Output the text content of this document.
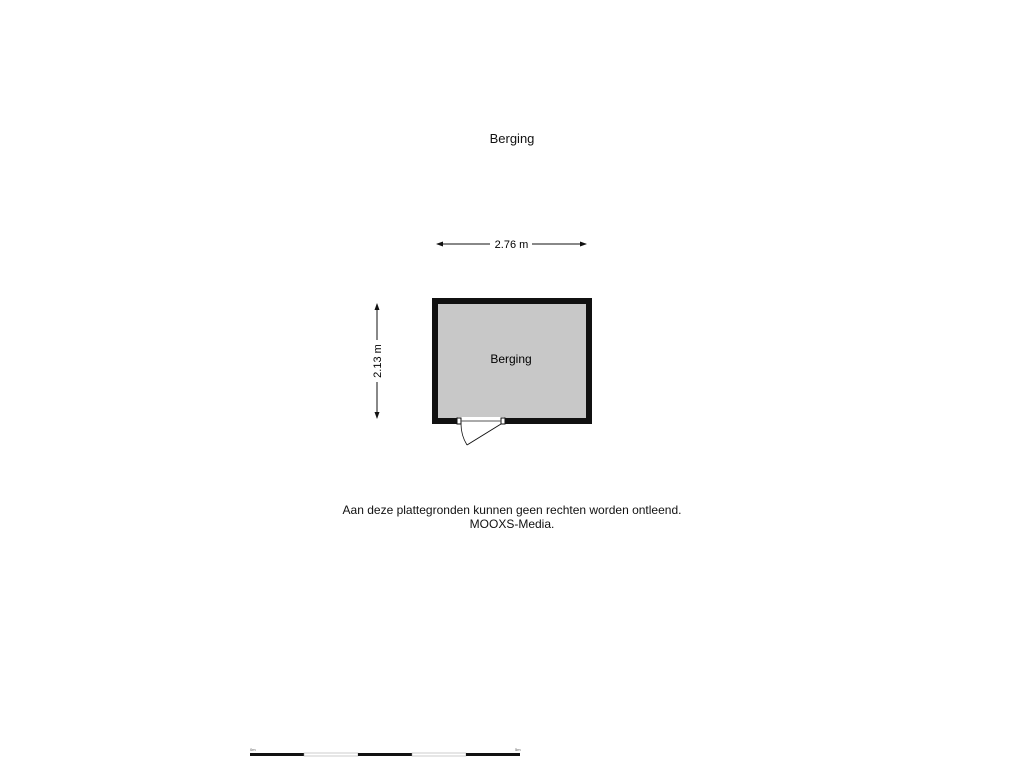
Berging
2.76 m
2.13 m	Berging
0m	5m
Aan deze plattegronden kunnen geen rechten worden ontleend.
MOOXS-Media.
